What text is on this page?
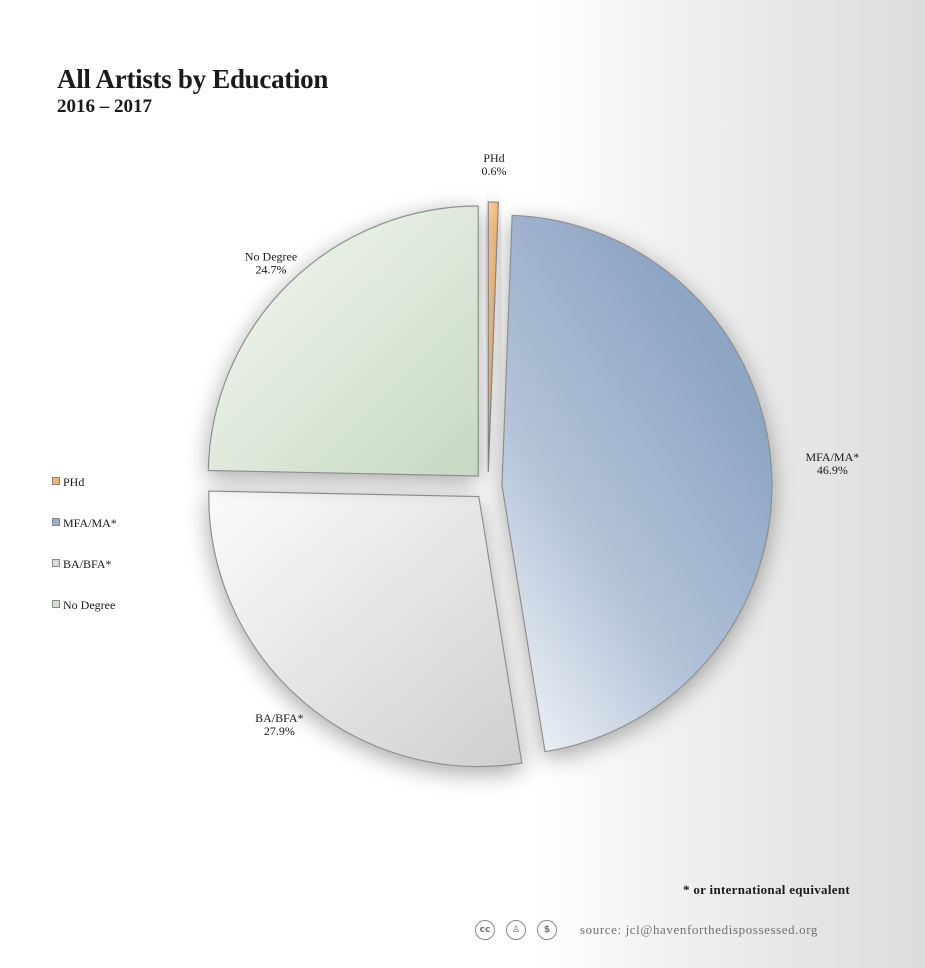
All Artists by Education
2016 – 2017
PHd
0.6%
MFA/MA*
46.9%
BA/BFA*
27.9%
No Degree
24.7%
PHd
MFA/MA*
BA/BFA*
No Degree
* or international equivalent
cc	♙	$	source: jcl@havenforthedispossessed.org
